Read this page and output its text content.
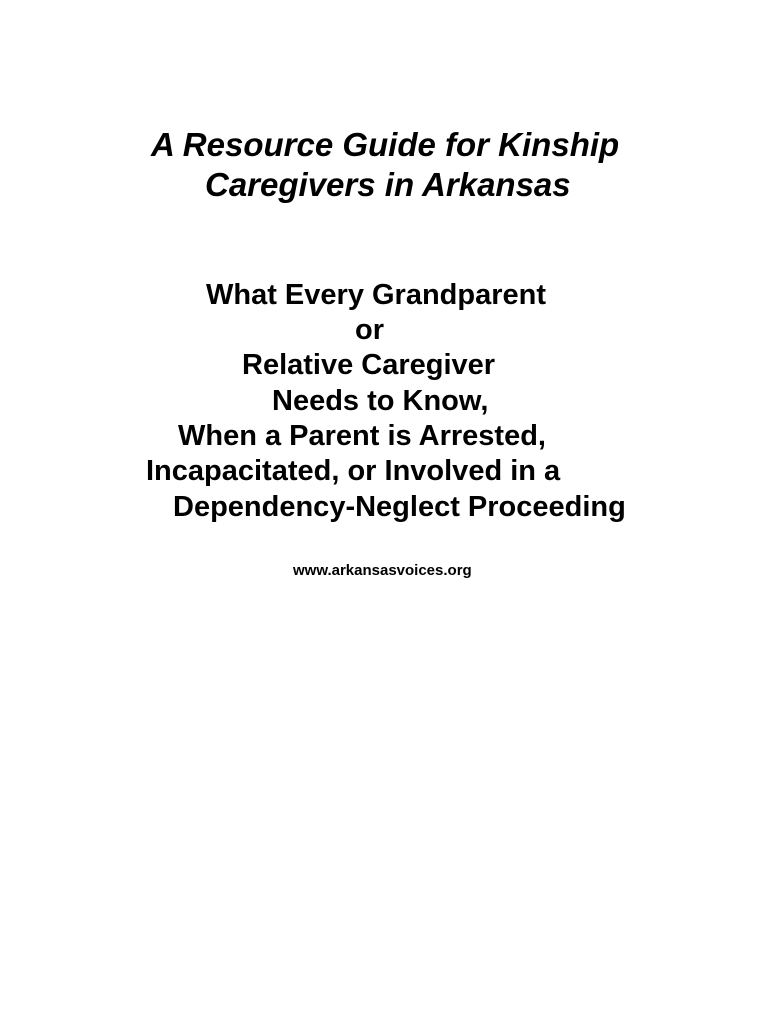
A Resource Guide for Kinship
Caregivers in Arkansas

What Every Grandparent

or

Relative Caregiver

Needs to Know,

When a Parent is Arrested,

Incapacitated, or Involved in a

Dependency-Neglect Proceeding

www.arkansasvoices.org
